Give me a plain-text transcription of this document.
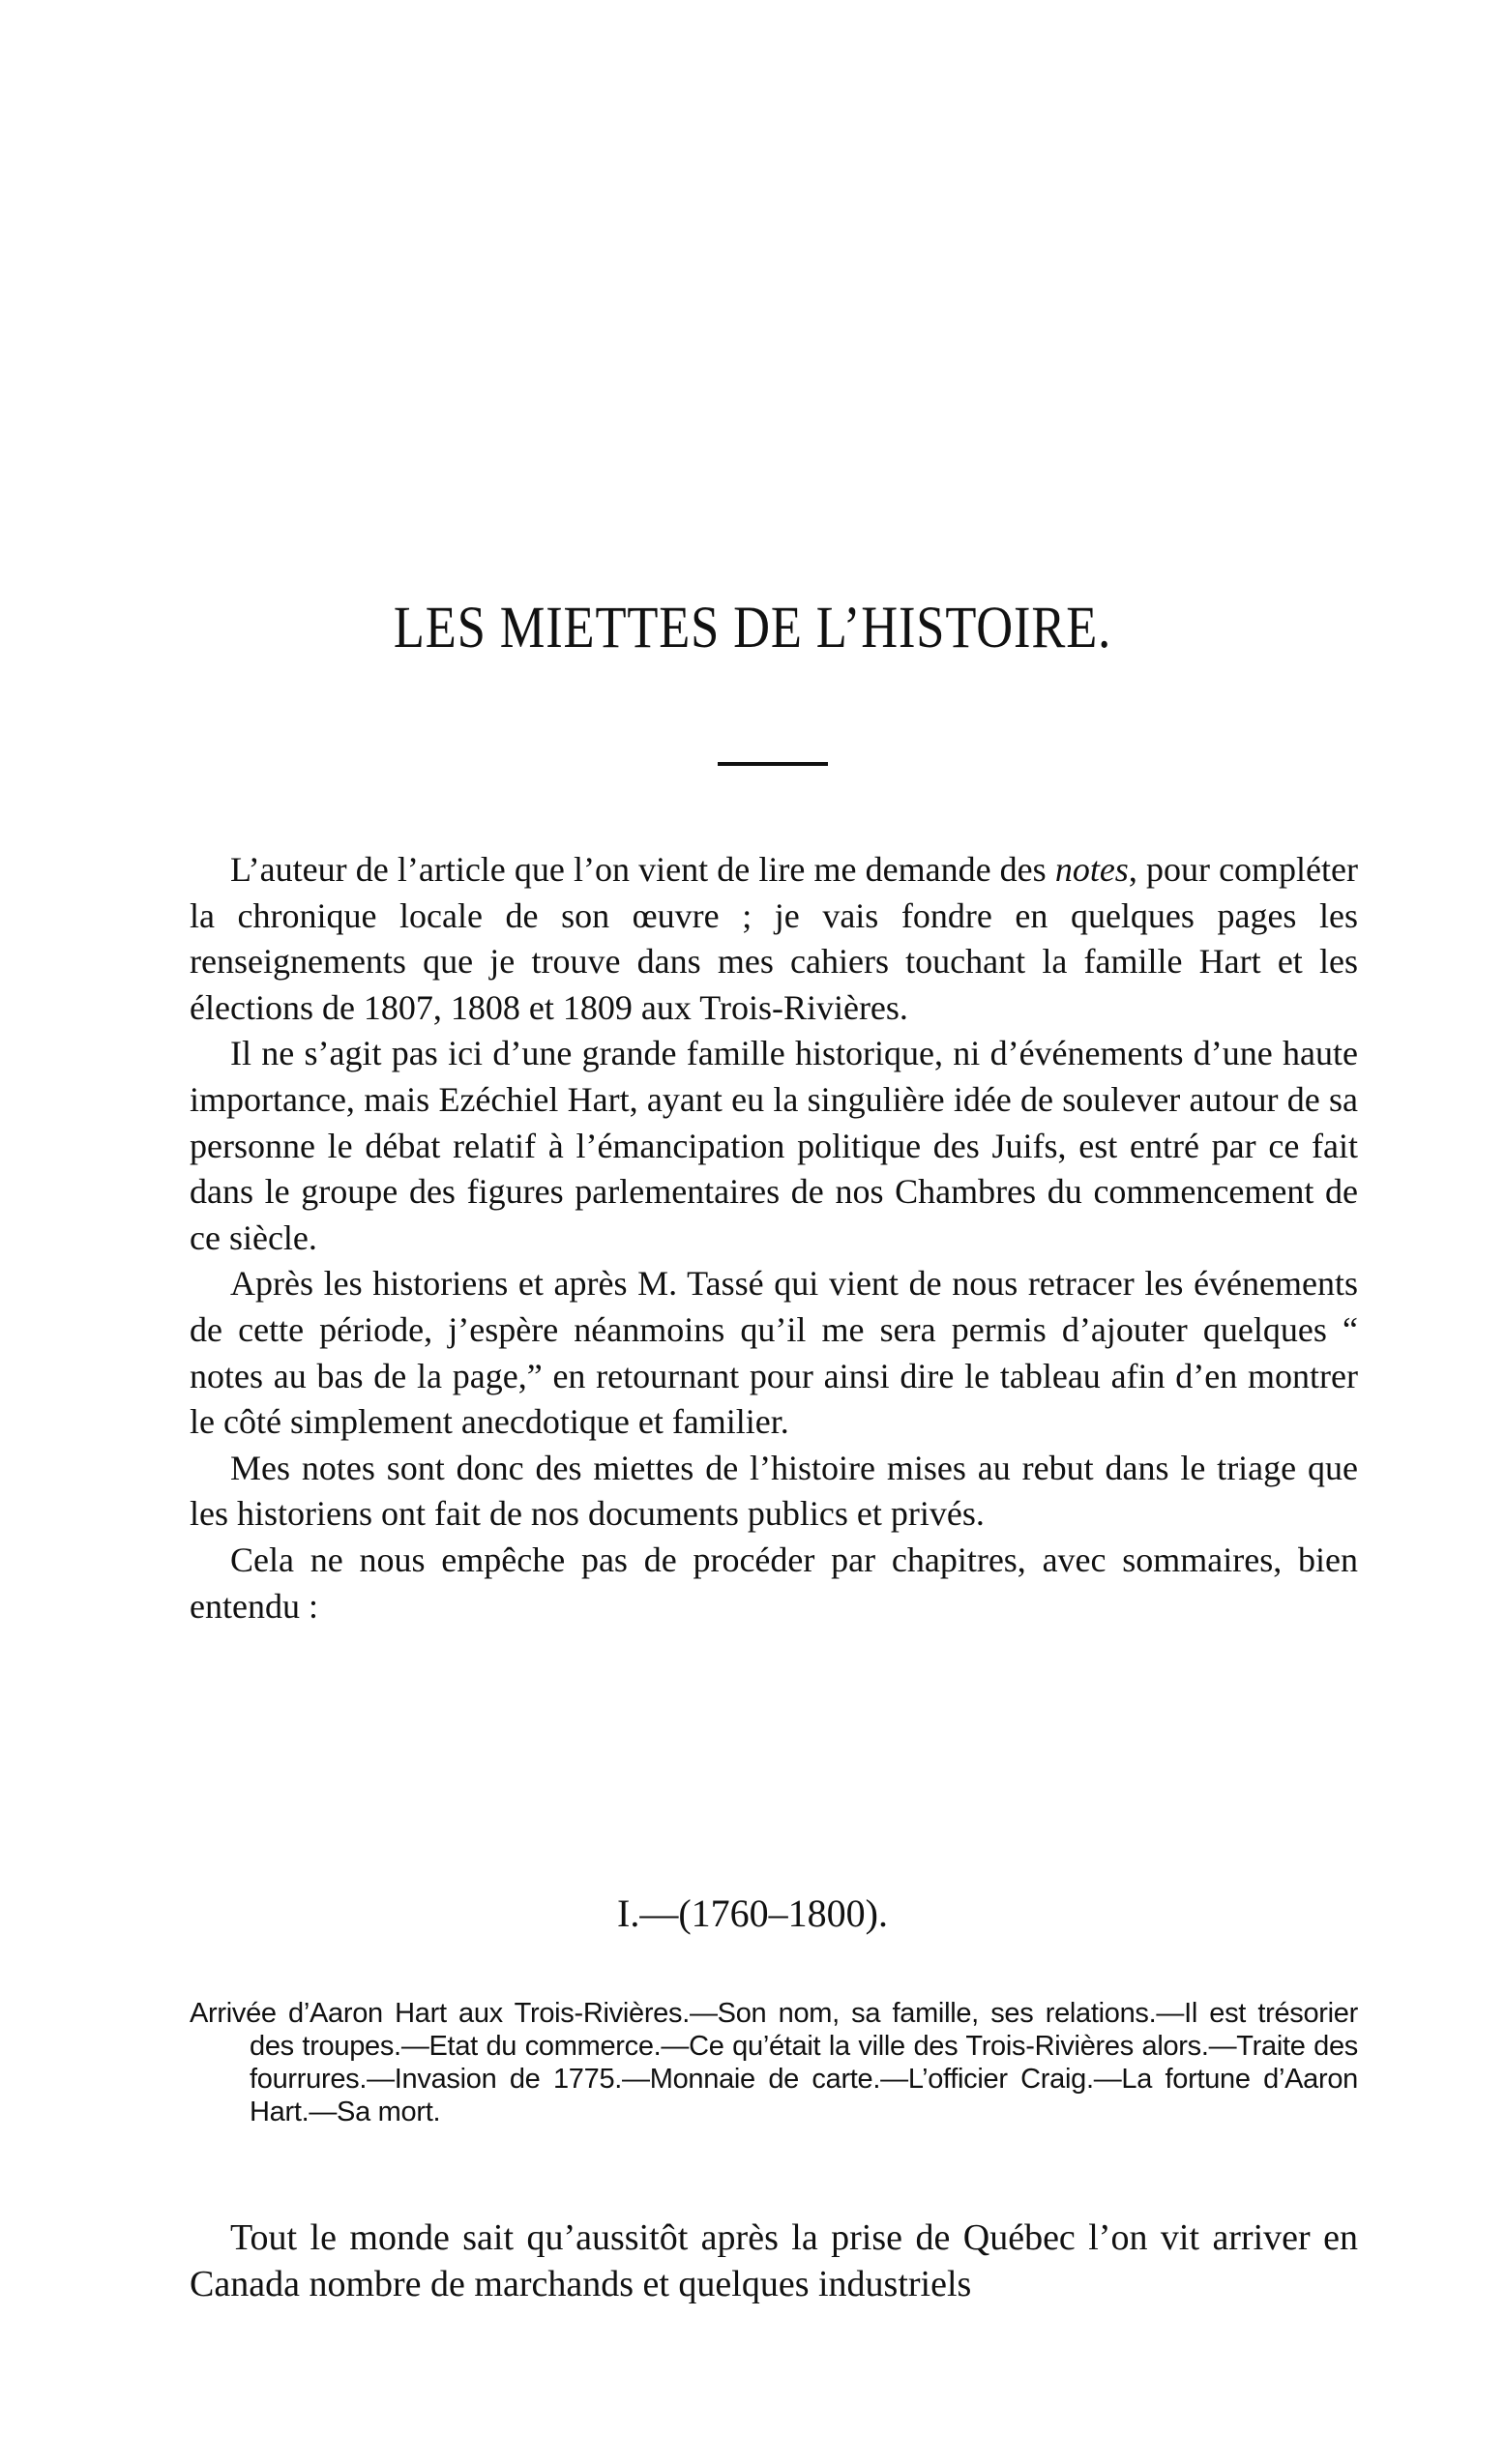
LES MIETTES DE L’HISTOIRE.

L’auteur de l’article que l’on vient de lire me demande des notes, pour compléter la chronique locale de son œuvre ; je vais fondre en quelques pages les renseignements que je trouve dans mes cahiers touchant la famille Hart et les élections de 1807, 1808 et 1809 aux Trois-Rivières.

Il ne s’agit pas ici d’une grande famille historique, ni d’événements d’une haute importance, mais Ezéchiel Hart, ayant eu la singulière idée de soulever autour de sa personne le débat relatif à l’émancipation politique des Juifs, est entré par ce fait dans le groupe des figures parlementaires de nos Chambres du commencement de ce siècle.

Après les historiens et après M. Tassé qui vient de nous retracer les événements de cette période, j’espère néanmoins qu’il me sera permis d’ajouter quelques “ notes au bas de la page,” en retournant pour ainsi dire le tableau afin d’en montrer le côté simplement anecdotique et familier.

Mes notes sont donc des miettes de l’histoire mises au rebut dans le triage que les historiens ont fait de nos documents publics et privés.

Cela ne nous empêche pas de procéder par chapitres, avec sommaires, bien entendu :

I.—(1760–1800).

Arrivée d’Aaron Hart aux Trois-Rivières.—Son nom, sa famille, ses relations.—Il est trésorier des troupes.—Etat du commerce.—Ce qu’était la ville des Trois-Rivières alors.—Traite des fourrures.—Invasion de 1775.—Monnaie de carte.—L’officier Craig.—La fortune d’Aaron Hart.—Sa mort.

Tout le monde sait qu’aussitôt après la prise de Québec l’on vit arriver en Canada nombre de marchands et quelques industriels
